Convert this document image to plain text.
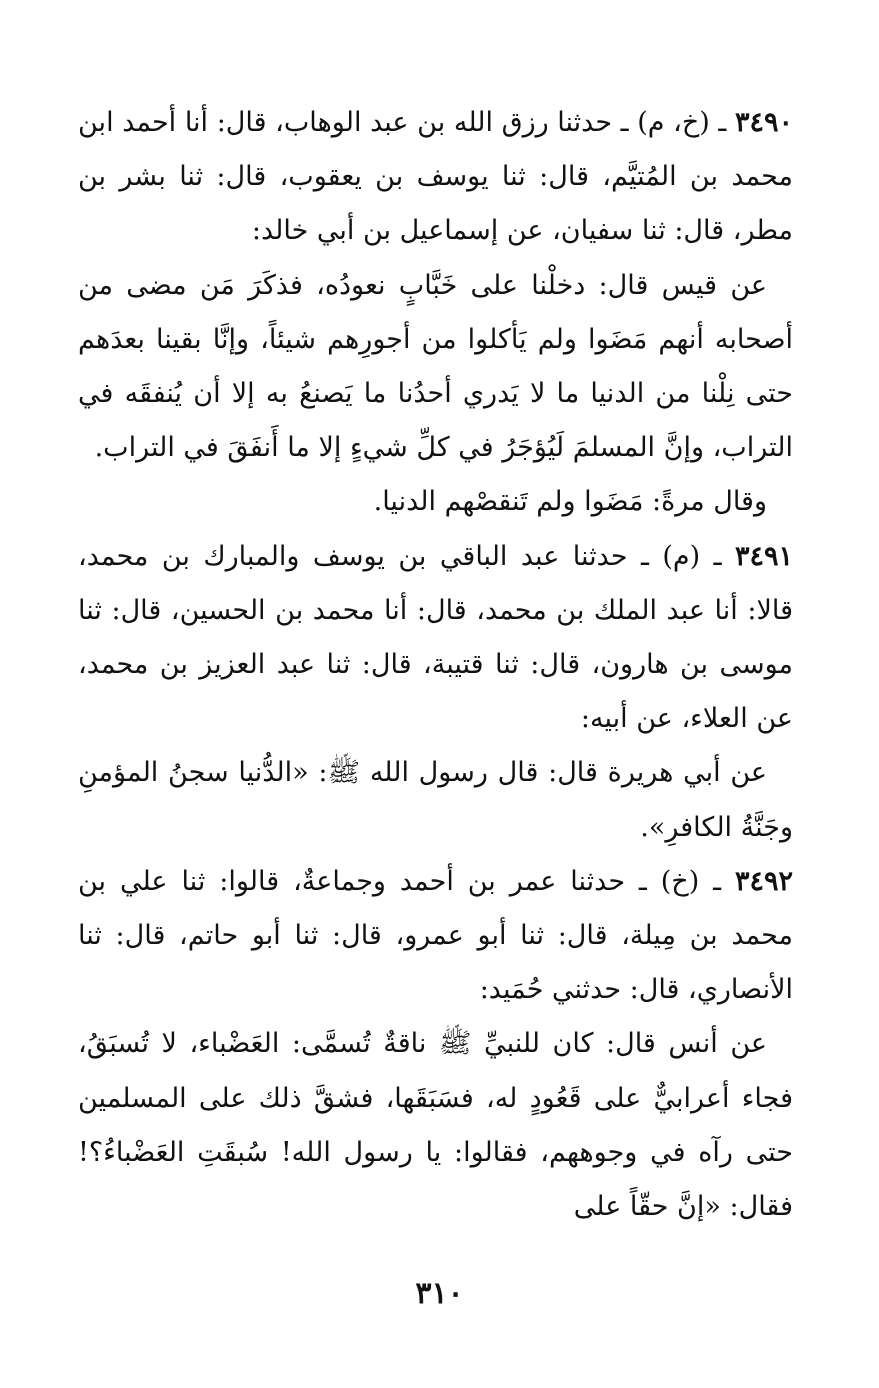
٣٤٩٠ ـ (خ، م) ـ حدثنا رزق الله بن عبد الوهاب، قال: أنا أحمد ابن محمد بن المُتيَّم، قال: ثنا يوسف بن يعقوب، قال: ثنا بشر بن مطر، قال: ثنا سفيان، عن إسماعيل بن أبي خالد:

عن قيس قال: دخلْنا على خَبَّابٍ نعودُه، فذكَرَ مَن مضى من أصحابه أنهم مَضَوا ولم يَأكلوا من أجورِهم شيئاً، وإنَّا بقينا بعدَهم حتى نِلْنا من الدنيا ما لا يَدري أحدُنا ما يَصنعُ به إلا أن يُنفقَه في التراب، وإنَّ المسلمَ لَيُؤجَرُ في كلِّ شيءٍ إلا ما أَنفَقَ في التراب.

وقال مرةً: مَضَوا ولم تَنقصْهم الدنيا.

٣٤٩١ ـ (م) ـ حدثنا عبد الباقي بن يوسف والمبارك بن محمد، قالا: أنا عبد الملك بن محمد، قال: أنا محمد بن الحسين، قال: ثنا موسى بن هارون، قال: ثنا قتيبة، قال: ثنا عبد العزيز بن محمد، عن العلاء، عن أبيه:

عن أبي هريرة قال: قال رسول الله ﷺ: «الدُّنيا سجنُ المؤمنِ وجَنَّةُ الكافرِ».

٣٤٩٢ ـ (خ) ـ حدثنا عمر بن أحمد وجماعةٌ، قالوا: ثنا علي بن محمد بن مِيلة، قال: ثنا أبو عمرو، قال: ثنا أبو حاتم، قال: ثنا الأنصاري، قال: حدثني حُمَيد:

عن أنس قال: كان للنبيِّ ﷺ ناقةٌ تُسمَّى: العَضْباء، لا تُسبَقُ، فجاء أعرابيٌّ على قَعُودٍ له، فسَبَقَها، فشقَّ ذلك على المسلمين حتى رآه في وجوههم، فقالوا: يا رسول الله! سُبقَتِ العَضْباءُ؟! فقال: «إنَّ حقّاً على

٣١٠
